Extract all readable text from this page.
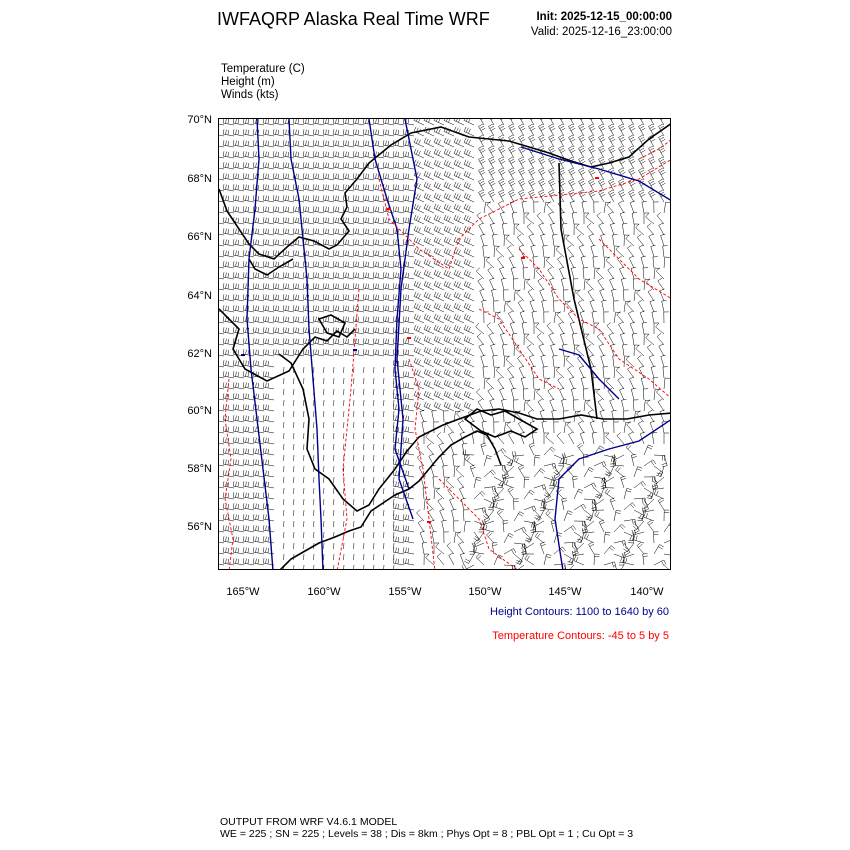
IWFAQRP Alaska Real Time WRF	Init: 2025-12-15_00:00:00
Valid: 2025-12-16_23:00:00
Temperature (C)
Height (m)
Winds (kts)
70°N
68°N
66°N
64°N
62°N
60°N
58°N
56°N
165°W	160°W	155°W	150°W	145°W	140°W
Height Contours: 1100 to 1640 by 60
Temperature Contours: -45 to 5 by 5
OUTPUT FROM WRF V4.6.1 MODEL
WE = 225 ; SN = 225 ; Levels = 38 ; Dis = 8km ; Phys Opt = 8 ; PBL Opt = 1 ; Cu Opt = 3
